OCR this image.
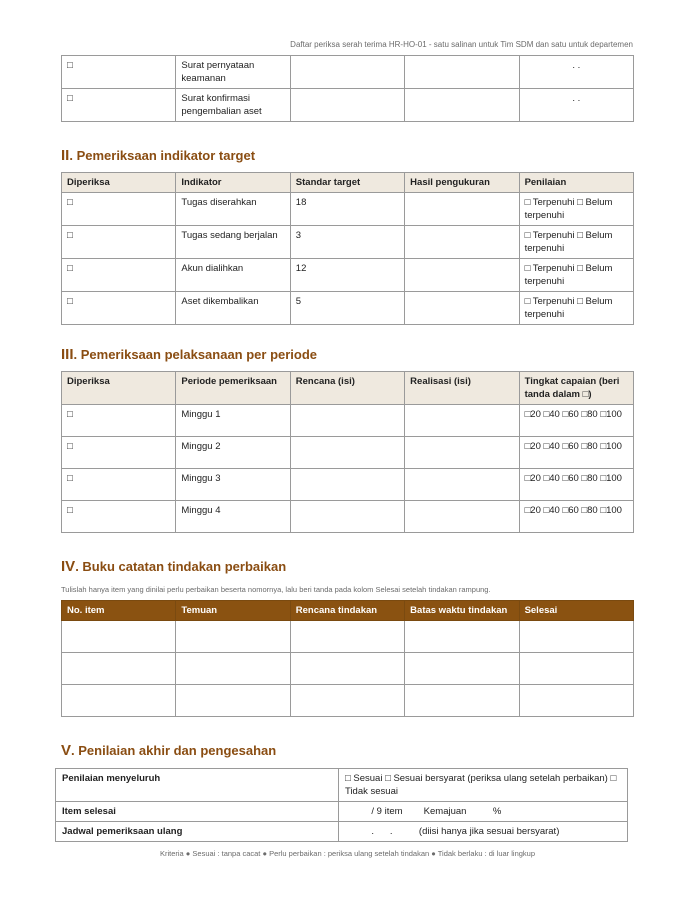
Daftar periksa serah terima HR-HO-01 - satu salinan untuk Tim SDM dan satu untuk departemen
□	Surat pernyataan keamanan			. .
□	Surat konfirmasi pengembalian aset			. .
II. Pemeriksaan indikator target
Diperiksa	Indikator	Standar target	Hasil pengukuran	Penilaian
□	Tugas diserahkan	18		□ Terpenuhi □ Belum terpenuhi
□	Tugas sedang berjalan	3		□ Terpenuhi □ Belum terpenuhi
□	Akun dialihkan	12		□ Terpenuhi □ Belum terpenuhi
□	Aset dikembalikan	5		□ Terpenuhi □ Belum terpenuhi
III. Pemeriksaan pelaksanaan per periode
Diperiksa	Periode pemeriksaan	Rencana (isi)	Realisasi (isi)	Tingkat capaian (beri tanda dalam □)
□	Minggu 1			□20 □40 □60 □80 □100
□	Minggu 2			□20 □40 □60 □80 □100
□	Minggu 3			□20 □40 □60 □80 □100
□	Minggu 4			□20 □40 □60 □80 □100
IV. Buku catatan tindakan perbaikan
Tulislah hanya item yang dinilai perlu perbaikan beserta nomornya, lalu beri tanda pada kolom Selesai setelah tindakan rampung.
No. item	Temuan	Rencana tindakan	Batas waktu tindakan	Selesai

V. Penilaian akhir dan pengesahan
Penilaian menyeluruh	□ Sesuai □ Sesuai bersyarat (periksa ulang setelah perbaikan) □ Tidak sesuai
Item selesai	/ 9 item        Kemajuan          %
Jadwal pemeriksaan ulang	.      .          (diisi hanya jika sesuai bersyarat)
Kriteria ● Sesuai : tanpa cacat ● Perlu perbaikan : periksa ulang setelah tindakan ● Tidak berlaku : di luar lingkup
